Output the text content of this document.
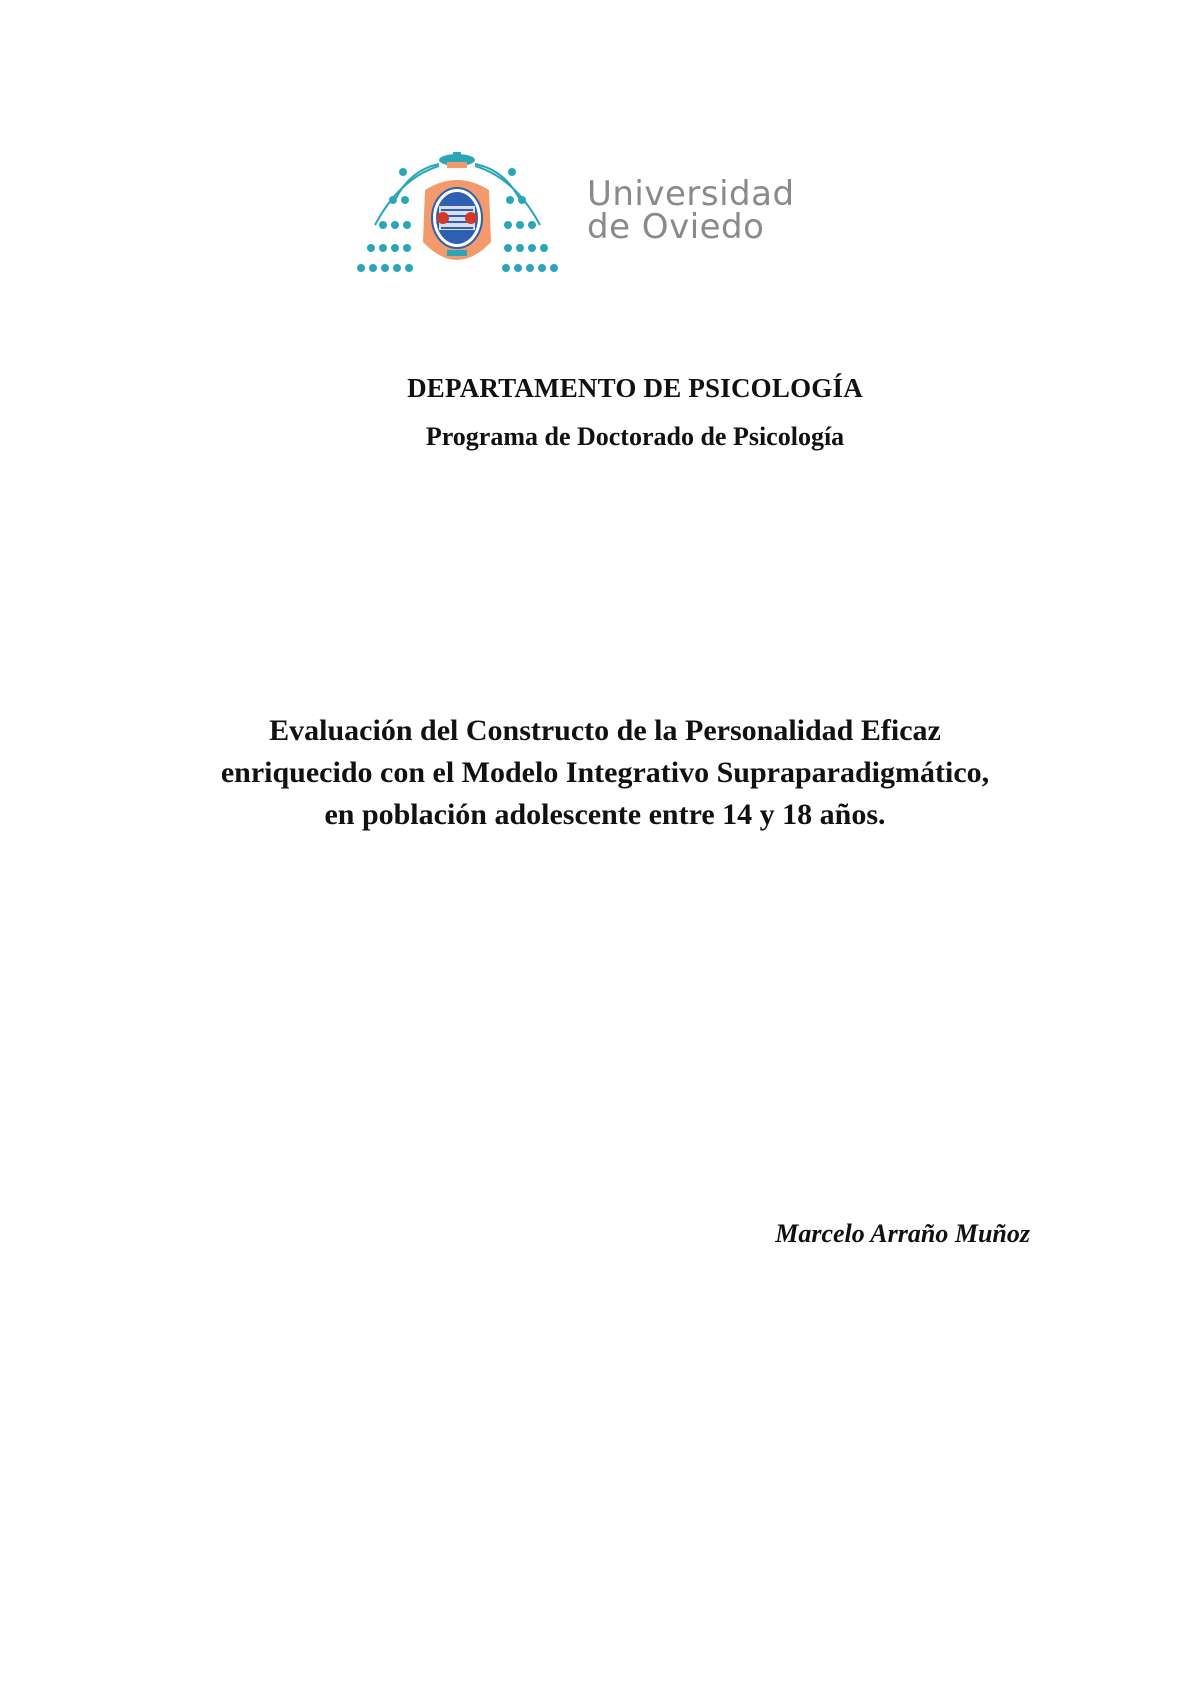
Universidad
de Oviedo
DEPARTAMENTO DE PSICOLOGÍA
Programa de Doctorado de Psicología
Evaluación del Constructo de la Personalidad Eficaz
enriquecido con el Modelo Integrativo Supraparadigmático,
en población adolescente entre 14 y 18 años.
Marcelo Arraño Muñoz
